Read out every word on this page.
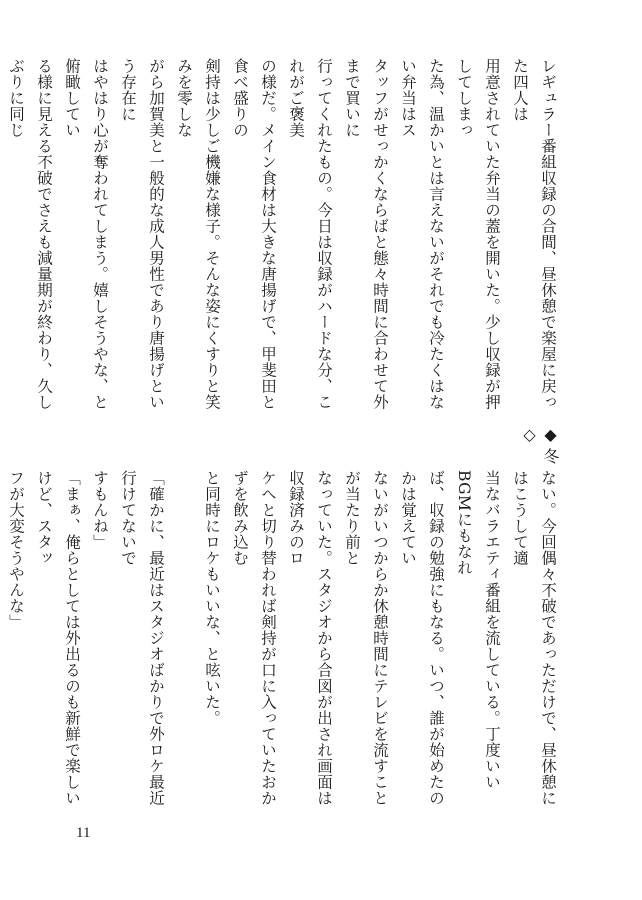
レギュラー番組収録の合間、昼休憩で楽屋に戻った四人は
用意されていた弁当の蓋を開いた。少し収録が押してしまっ
た為、温かいとは言えないがそれでも冷たくはない弁当はス
タッフがせっかくならばと態々時間に合わせて外まで買いに
行ってくれたもの。今日は収録がハードな分、これがご褒美
の様だ。メイン食材は大きな唐揚げで、甲斐田と食べ盛りの
剣持は少しご機嫌な様子。そんな姿にくすりと笑みを零しな
がら加賀美と一般的な成人男性であり唐揚げという存在に
はやはり心が奪われてしまう。嬉しそうやな、と俯瞰してい
る様に見える不破でさえも減量期が終わり、久しぶりに同じ
ない。今回偶々不破であっただけで、昼休憩にはこうして適
当なバラエティ番組を流している。丁度いいBGMにもなれ
ば、収録の勉強にもなる。いつ、誰が始めたのかは覚えてい
ないがいつからか休憩時間にテレビを流すことが当たり前と
なっていた。スタジオから合図が出され画面は収録済みのロ
ケへと切り替われば剣持が口に入っていたおかずを飲み込む
と同時にロケもいいな、と呟いた。

「確かに、最近はスタジオばかりで外ロケ最近行けてないで
すもんね」
「まぁ、俺らとしては外出るのも新鮮で楽しいけど、スタッ
フが大変そうやんな」
◆冬◇
11
